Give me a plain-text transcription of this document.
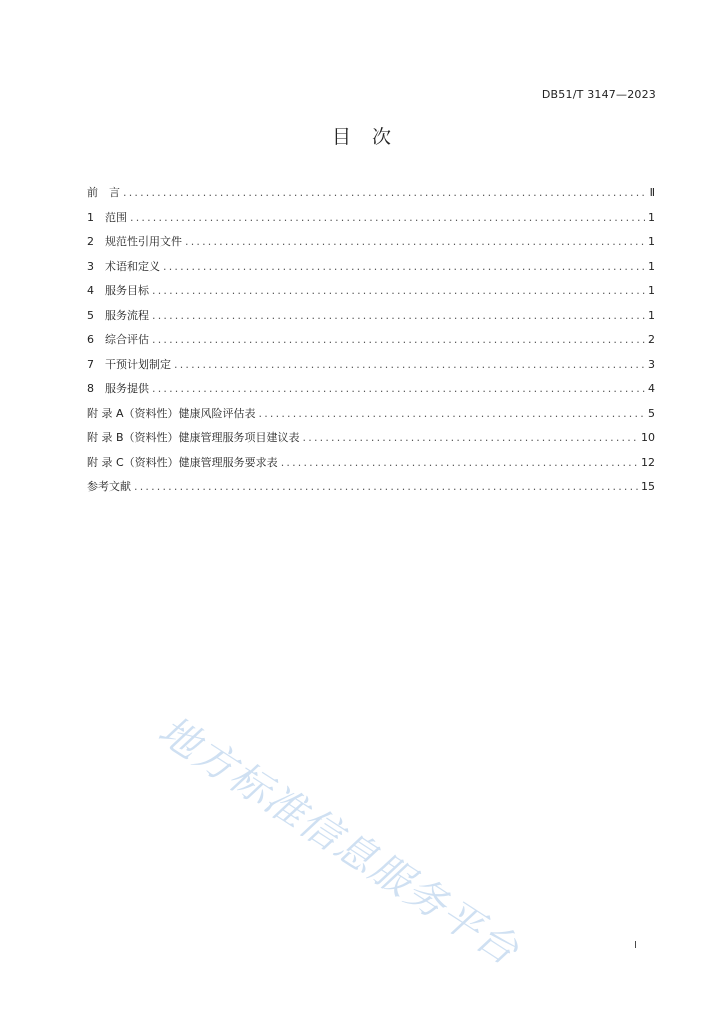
DB51/T 3147—2023
目　次
前　言 .....	Ⅱ
1　	范围 .....	1
2　	规范性引用文件 .....	1
3　	术语和定义 .....	1
4　	服务目标 .....	1
5　	服务流程 .....	1
6　	综合评估 .....	2
7　	干预计划制定 .....	3
8　	服务提供 .....	4
附 录 A（资料性）健康风险评估表 .....	5
附 录 B（资料性）健康管理服务项目建议表 .....	10
附 录 C（资料性）健康管理服务要求表 .....	12
参考文献 .....	15
地方标准信息服务平台	I
